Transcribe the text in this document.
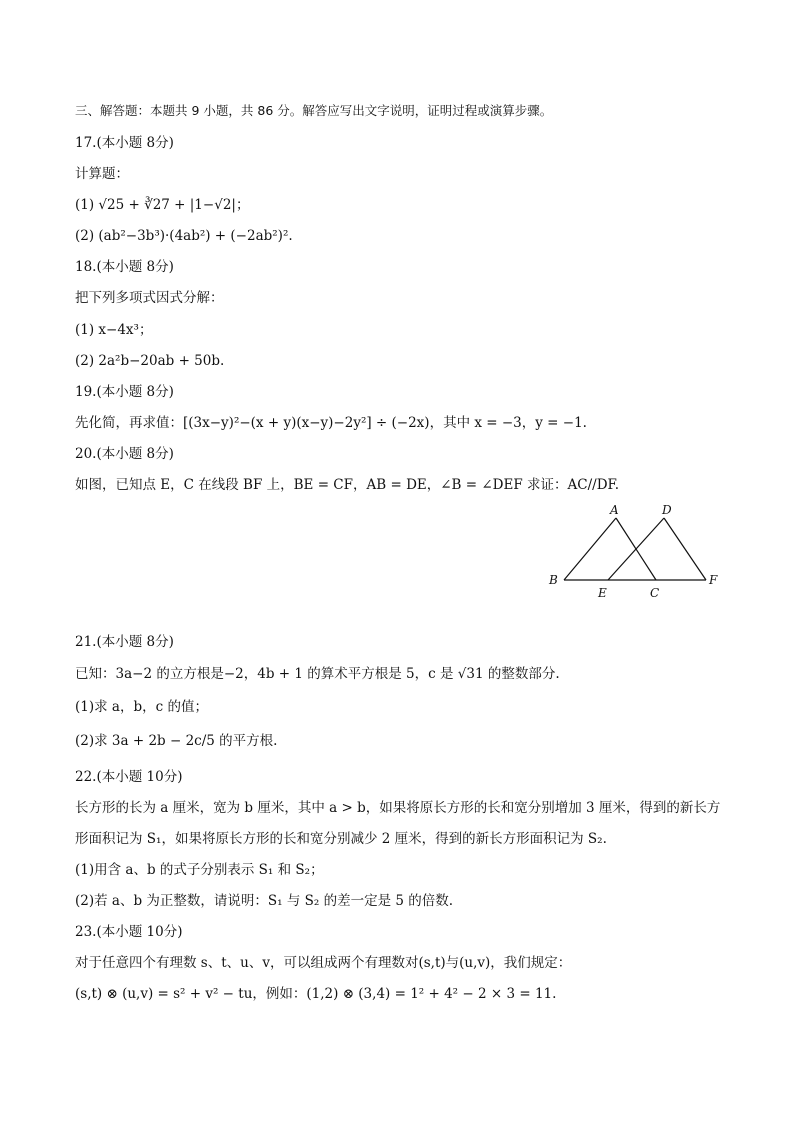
三、解答题：本题共 9 小题，共 86 分。解答应写出文字说明，证明过程或演算步骤。
17.(本小题 8分)
计算题：
(1) √25 + ∛27 + |1−√2|；
(2) (ab²−3b³)·(4ab²) + (−2ab²)².
18.(本小题 8分)
把下列多项式因式分解：
(1) x−4x³；
(2) 2a²b−20ab + 50b.
19.(本小题 8分)
先化简，再求值：[(3x−y)²−(x + y)(x−y)−2y²] ÷ (−2x)，其中 x = −3，y = −1.
20.(本小题 8分)
如图，已知点 E，C 在线段 BF 上，BE = CF，AB = DE，∠B = ∠DEF 求证：AC//DF.
A	D
B	F
E	C
21.(本小题 8分)
已知：3a−2 的立方根是−2，4b + 1 的算术平方根是 5，c 是 √31 的整数部分.
(1)求 a，b，c 的值；
(2)求 3a + 2b − 2c/5 的平方根.
22.(本小题 10分)
长方形的长为 a 厘米，宽为 b 厘米，其中 a > b，如果将原长方形的长和宽分别增加 3 厘米，得到的新长方
形面积记为 S₁，如果将原长方形的长和宽分别减少 2 厘米，得到的新长方形面积记为 S₂.
(1)用含 a、b 的式子分别表示 S₁ 和 S₂；
(2)若 a、b 为正整数，请说明：S₁ 与 S₂ 的差一定是 5 的倍数.
23.(本小题 10分)
对于任意四个有理数 s、t、u、v，可以组成两个有理数对(s,t)与(u,v)，我们规定：
(s,t) ⊗ (u,v) = s² + v² − tu，例如：(1,2) ⊗ (3,4) = 1² + 4² − 2 × 3 = 11.
